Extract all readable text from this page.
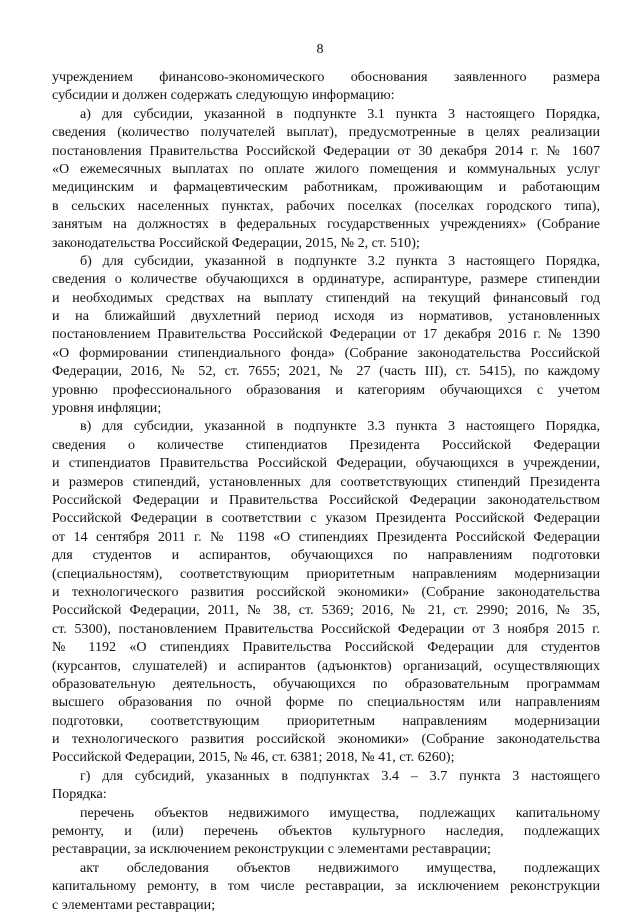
8
учреждением финансово-экономического обоснования заявленного размера
субсидии и должен содержать следующую информацию:
а) для субсидии, указанной в подпункте 3.1 пункта 3 настоящего Порядка,
сведения (количество получателей выплат), предусмотренные в целях реализации
постановления Правительства Российской Федерации от 30 декабря 2014 г. № 1607
«О ежемесячных выплатах по оплате жилого помещения и коммунальных услуг
медицинским и фармацевтическим работникам, проживающим и работающим
в сельских населенных пунктах, рабочих поселках (поселках городского типа),
занятым на должностях в федеральных государственных учреждениях» (Собрание
законодательства Российской Федерации, 2015, № 2, ст. 510);
б) для субсидии, указанной в подпункте 3.2 пункта 3 настоящего Порядка,
сведения о количестве обучающихся в ординатуре, аспирантуре, размере стипендии
и необходимых средствах на выплату стипендий на текущий финансовый год
и на ближайший двухлетний период исходя из нормативов, установленных
постановлением Правительства Российской Федерации от 17 декабря 2016 г. № 1390
«О формировании стипендиального фонда» (Собрание законодательства Российской
Федерации, 2016, № 52, ст. 7655; 2021, № 27 (часть III), ст. 5415), по каждому
уровню профессионального образования и категориям обучающихся с учетом
уровня инфляции;
в) для субсидии, указанной в подпункте 3.3 пункта 3 настоящего Порядка,
сведения о количестве стипендиатов Президента Российской Федерации
и стипендиатов Правительства Российской Федерации, обучающихся в учреждении,
и размеров стипендий, установленных для соответствующих стипендий Президента
Российской Федерации и Правительства Российской Федерации законодательством
Российской Федерации в соответствии с указом Президента Российской Федерации
от 14 сентября 2011 г. № 1198 «О стипендиях Президента Российской Федерации
для студентов и аспирантов, обучающихся по направлениям подготовки
(специальностям), соответствующим приоритетным направлениям модернизации
и технологического развития российской экономики» (Собрание законодательства
Российской Федерации, 2011, № 38, ст. 5369; 2016, № 21, ст. 2990; 2016, № 35,
ст. 5300), постановлением Правительства Российской Федерации от 3 ноября 2015 г.
№ 1192 «О стипендиях Правительства Российской Федерации для студентов
(курсантов, слушателей) и аспирантов (адъюнктов) организаций, осуществляющих
образовательную деятельность, обучающихся по образовательным программам
высшего образования по очной форме по специальностям или направлениям
подготовки, соответствующим приоритетным направлениям модернизации
и технологического развития российской экономики» (Собрание законодательства
Российской Федерации, 2015, № 46, ст. 6381; 2018, № 41, ст. 6260);
г) для субсидий, указанных в подпунктах 3.4 – 3.7 пункта 3 настоящего
Порядка:
перечень объектов недвижимого имущества, подлежащих капитальному
ремонту, и (или) перечень объектов культурного наследия, подлежащих
реставрации, за исключением реконструкции с элементами реставрации;
акт обследования объектов недвижимого имущества, подлежащих
капитальному ремонту, в том числе реставрации, за исключением реконструкции
с элементами реставрации;
